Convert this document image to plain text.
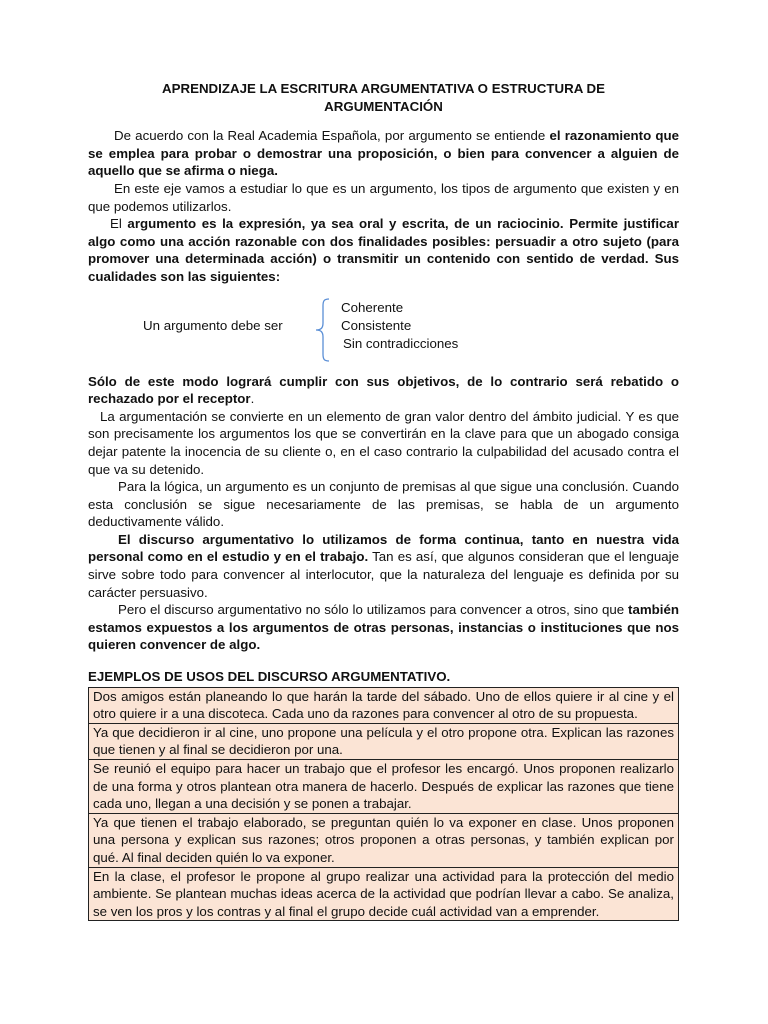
APRENDIZAJE LA ESCRITURA ARGUMENTATIVA O ESTRUCTURA DE
ARGUMENTACIÓN

De acuerdo con la Real Academia Española, por argumento se entiende el razonamiento que se emplea para probar o demostrar una proposición, o bien para convencer a alguien de aquello que se afirma o niega.

En este eje vamos a estudiar lo que es un argumento, los tipos de argumento que existen y en que podemos utilizarlos.

El argumento es la expresión, ya sea oral y escrita, de un raciocinio. Permite justificar algo como una acción razonable con dos finalidades posibles: persuadir a otro sujeto (para promover una determinada acción) o transmitir un contenido con sentido de verdad. Sus cualidades son las siguientes:

Un argumento debe ser
Coherente
Consistente
Sin contradicciones

Sólo de este modo logrará cumplir con sus objetivos, de lo contrario será rebatido o rechazado por el receptor.

La argumentación se convierte en un elemento de gran valor dentro del ámbito judicial. Y es que son precisamente los argumentos los que se convertirán en la clave para que un abogado consiga dejar patente la inocencia de su cliente o, en el caso contrario la culpabilidad del acusado contra el que va su detenido.

Para la lógica, un argumento es un conjunto de premisas al que sigue una conclusión. Cuando esta conclusión se sigue necesariamente de las premisas, se habla de un argumento deductivamente válido.

El discurso argumentativo lo utilizamos de forma continua, tanto en nuestra vida personal como en el estudio y en el trabajo. Tan es así, que algunos consideran que el lenguaje sirve sobre todo para convencer al interlocutor, que la naturaleza del lenguaje es definida por su carácter persuasivo.

Pero el discurso argumentativo no sólo lo utilizamos para convencer a otros, sino que también estamos expuestos a los argumentos de otras personas, instancias o instituciones que nos quieren convencer de algo.

EJEMPLOS DE USOS DEL DISCURSO ARGUMENTATIVO.
Dos amigos están planeando lo que harán la tarde del sábado. Uno de ellos quiere ir al cine y el otro quiere ir a una discoteca. Cada uno da razones para convencer al otro de su propuesta.
Ya que decidieron ir al cine, uno propone una película y el otro propone otra. Explican las razones que tienen y al final se decidieron por una.
Se reunió el equipo para hacer un trabajo que el profesor les encargó. Unos proponen realizarlo de una forma y otros plantean otra manera de hacerlo. Después de explicar las razones que tiene cada uno, llegan a una decisión y se ponen a trabajar.
Ya que tienen el trabajo elaborado, se preguntan quién lo va exponer en clase. Unos proponen una persona y explican sus razones; otros proponen a otras personas, y también explican por qué. Al final deciden quién lo va exponer.
En la clase, el profesor le propone al grupo realizar una actividad para la protección del medio ambiente. Se plantean muchas ideas acerca de la actividad que podrían llevar a cabo. Se analiza, se ven los pros y los contras y al final el grupo decide cuál actividad van a emprender.
